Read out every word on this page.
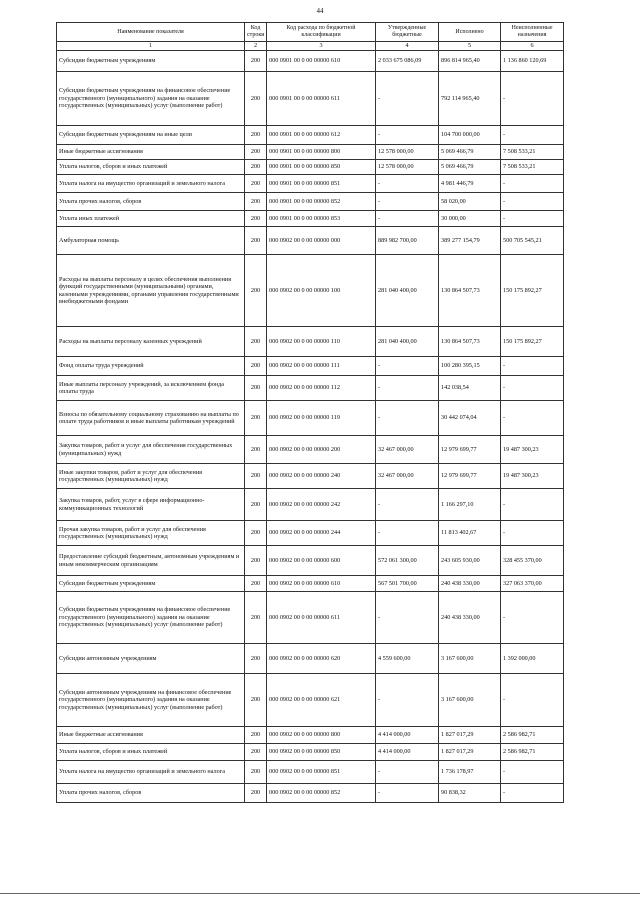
44
Наименование показателя	Код строки	Код расхода по бюджетной классификации	Утвержденные бюджетные	Исполнено	Неисполненные назначения
1	2	3	4	5	6
Субсидии бюджетным учреждениям	200	000 0901 00 0 00 00000 610	2 033 675 086,09	896 814 965,40	1 136 860 120,69
Субсидии бюджетным учреждениям на финансовое обеспечение государственного (муниципального) задания на оказание государственных (муниципальных) услуг (выполнение работ)	200	000 0901 00 0 00 00000 611	-	792 114 965,40	-
Субсидии бюджетным учреждениям на иные цели	200	000 0901 00 0 00 00000 612	-	104 700 000,00	-
Иные бюджетные ассигнования	200	000 0901 00 0 00 00000 800	12 578 000,00	5 069 466,79	7 508 533,21
Уплата налогов, сборов и иных платежей	200	000 0901 00 0 00 00000 850	12 578 000,00	5 069 466,79	7 508 533,21
Уплата налога на имущество организаций и земельного налога	200	000 0901 00 0 00 00000 851	-	4 981 446,79	-
Уплата прочих налогов, сборов	200	000 0901 00 0 00 00000 852	-	58 020,00	-
Уплата иных платежей	200	000 0901 00 0 00 00000 853	-	30 000,00	-
Амбулаторная помощь	200	000 0902 00 0 00 00000 000	889 982 700,00	389 277 154,79	500 705 545,21
Расходы на выплаты персоналу в целях обеспечения выполнения функций государственными (муниципальными) органами, казенными учреждениями, органами управления государственными внебюджетными фондами	200	000 0902 00 0 00 00000 100	281 040 400,00	130 864 507,73	150 175 892,27
Расходы на выплаты персоналу казенных учреждений	200	000 0902 00 0 00 00000 110	281 040 400,00	130 864 507,73	150 175 892,27
Фонд оплаты труда учреждений	200	000 0902 00 0 00 00000 111	-	100 280 395,15	-
Иные выплаты персоналу учреждений, за исключением фонда оплаты труда	200	000 0902 00 0 00 00000 112	-	142 038,54	-
Взносы по обязательному социальному страхованию на выплаты по оплате труда работников и иные выплаты работникам учреждений	200	000 0902 00 0 00 00000 119	-	30 442 074,04	-
Закупка товаров, работ и услуг для обеспечения государственных (муниципальных) нужд	200	000 0902 00 0 00 00000 200	32 467 000,00	12 979 699,77	19 487 300,23
Иные закупки товаров, работ и услуг для обеспечения государственных (муниципальных) нужд	200	000 0902 00 0 00 00000 240	32 467 000,00	12 979 699,77	19 487 300,23
Закупка товаров, работ, услуг в сфере информационно-коммуникационных технологий	200	000 0902 00 0 00 00000 242	-	1 166 297,10	-
Прочая закупка товаров, работ и услуг для обеспечения государственных (муниципальных) нужд	200	000 0902 00 0 00 00000 244	-	11 813 402,67	-
Предоставление субсидий бюджетным, автономным учреждениям и иным некоммерческим организациям	200	000 0902 00 0 00 00000 600	572 061 300,00	243 605 930,00	328 455 370,00
Субсидии бюджетным учреждениям	200	000 0902 00 0 00 00000 610	567 501 700,00	240 438 330,00	327 063 370,00
Субсидии бюджетным учреждениям на финансовое обеспечение государственного (муниципального) задания на оказание государственных (муниципальных) услуг (выполнение работ)	200	000 0902 00 0 00 00000 611	-	240 438 330,00	-
Субсидии автономным учреждениям	200	000 0902 00 0 00 00000 620	4 559 600,00	3 167 600,00	1 392 000,00
Субсидии автономным учреждениям на финансовое обеспечение государственного (муниципального) задания на оказание государственных (муниципальных) услуг (выполнение работ)	200	000 0902 00 0 00 00000 621	-	3 167 600,00	-
Иные бюджетные ассигнования	200	000 0902 00 0 00 00000 800	4 414 000,00	1 827 017,29	2 586 982,71
Уплата налогов, сборов и иных платежей	200	000 0902 00 0 00 00000 850	4 414 000,00	1 827 017,29	2 586 982,71
Уплата налога на имущество организаций и земельного налога	200	000 0902 00 0 00 00000 851	-	1 736 178,97	-
Уплата прочих налогов, сборов	200	000 0902 00 0 00 00000 852	-	90 838,32	-
